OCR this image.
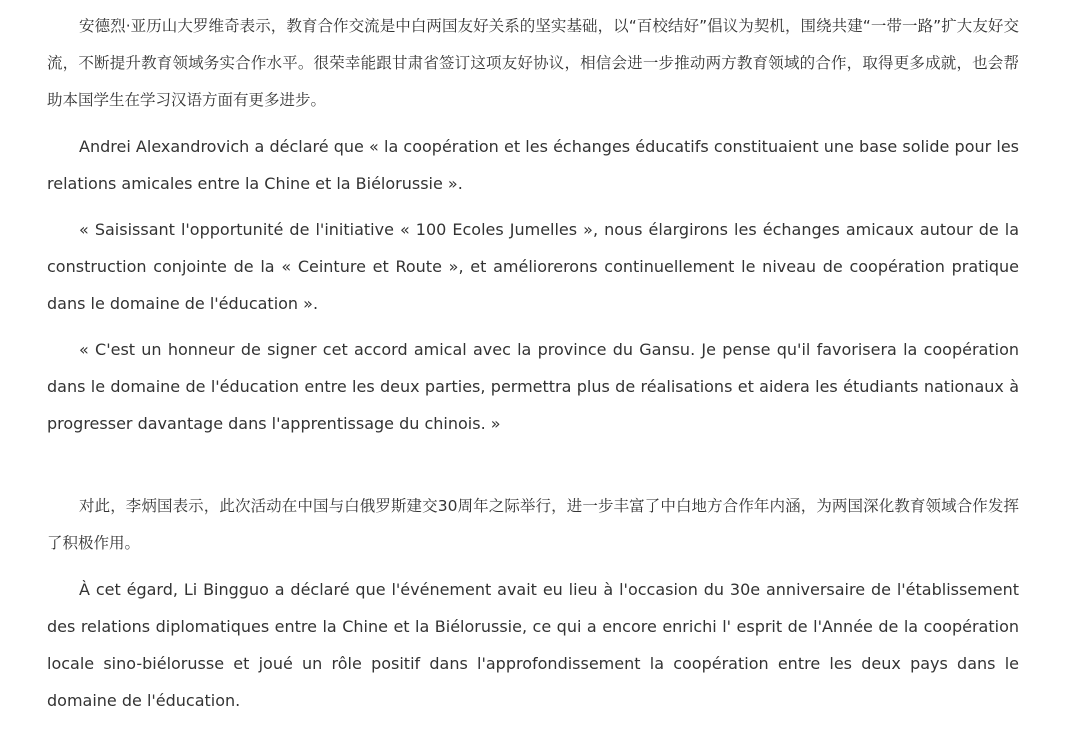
安德烈·亚历山大罗维奇表示，教育合作交流是中白两国友好关系的坚实基础，以“百校结好”倡议为契机，围绕共建“一带一路”扩大友好交流，不断提升教育领域务实合作水平。很荣幸能跟甘肃省签订这项友好协议，相信会进一步推动两方教育领域的合作，取得更多成就，也会帮助本国学生在学习汉语方面有更多进步。

Andrei Alexandrovich a déclaré que « la coopération et les échanges éducatifs constituaient une base solide pour les relations amicales entre la Chine et la Biélorussie ».

« Saisissant l'opportunité de l'initiative « 100 Ecoles Jumelles », nous élargirons les échanges amicaux autour de la construction conjointe de la « Ceinture et Route », et améliorerons continuellement le niveau de coopération pratique dans le domaine de l'éducation ».

« C'est un honneur de signer cet accord amical avec la province du Gansu. Je pense qu'il favorisera la coopération dans le domaine de l'éducation entre les deux parties, permettra plus de réalisations et aidera les étudiants nationaux à progresser davantage dans l'apprentissage du chinois. »

对此，李炳国表示，此次活动在中国与白俄罗斯建交30周年之际举行，进一步丰富了中白地方合作年内涵，为两国深化教育领域合作发挥了积极作用。

À cet égard, Li Bingguo a déclaré que l'événement avait eu lieu à l'occasion du 30e anniversaire de l'établissement des relations diplomatiques entre la Chine et la Biélorussie, ce qui a encore enrichi l' esprit de l'Année de la coopération locale sino-biélorusse et joué un rôle positif dans l'approfondissement la coopération entre les deux pays dans le domaine de l'éducation.
